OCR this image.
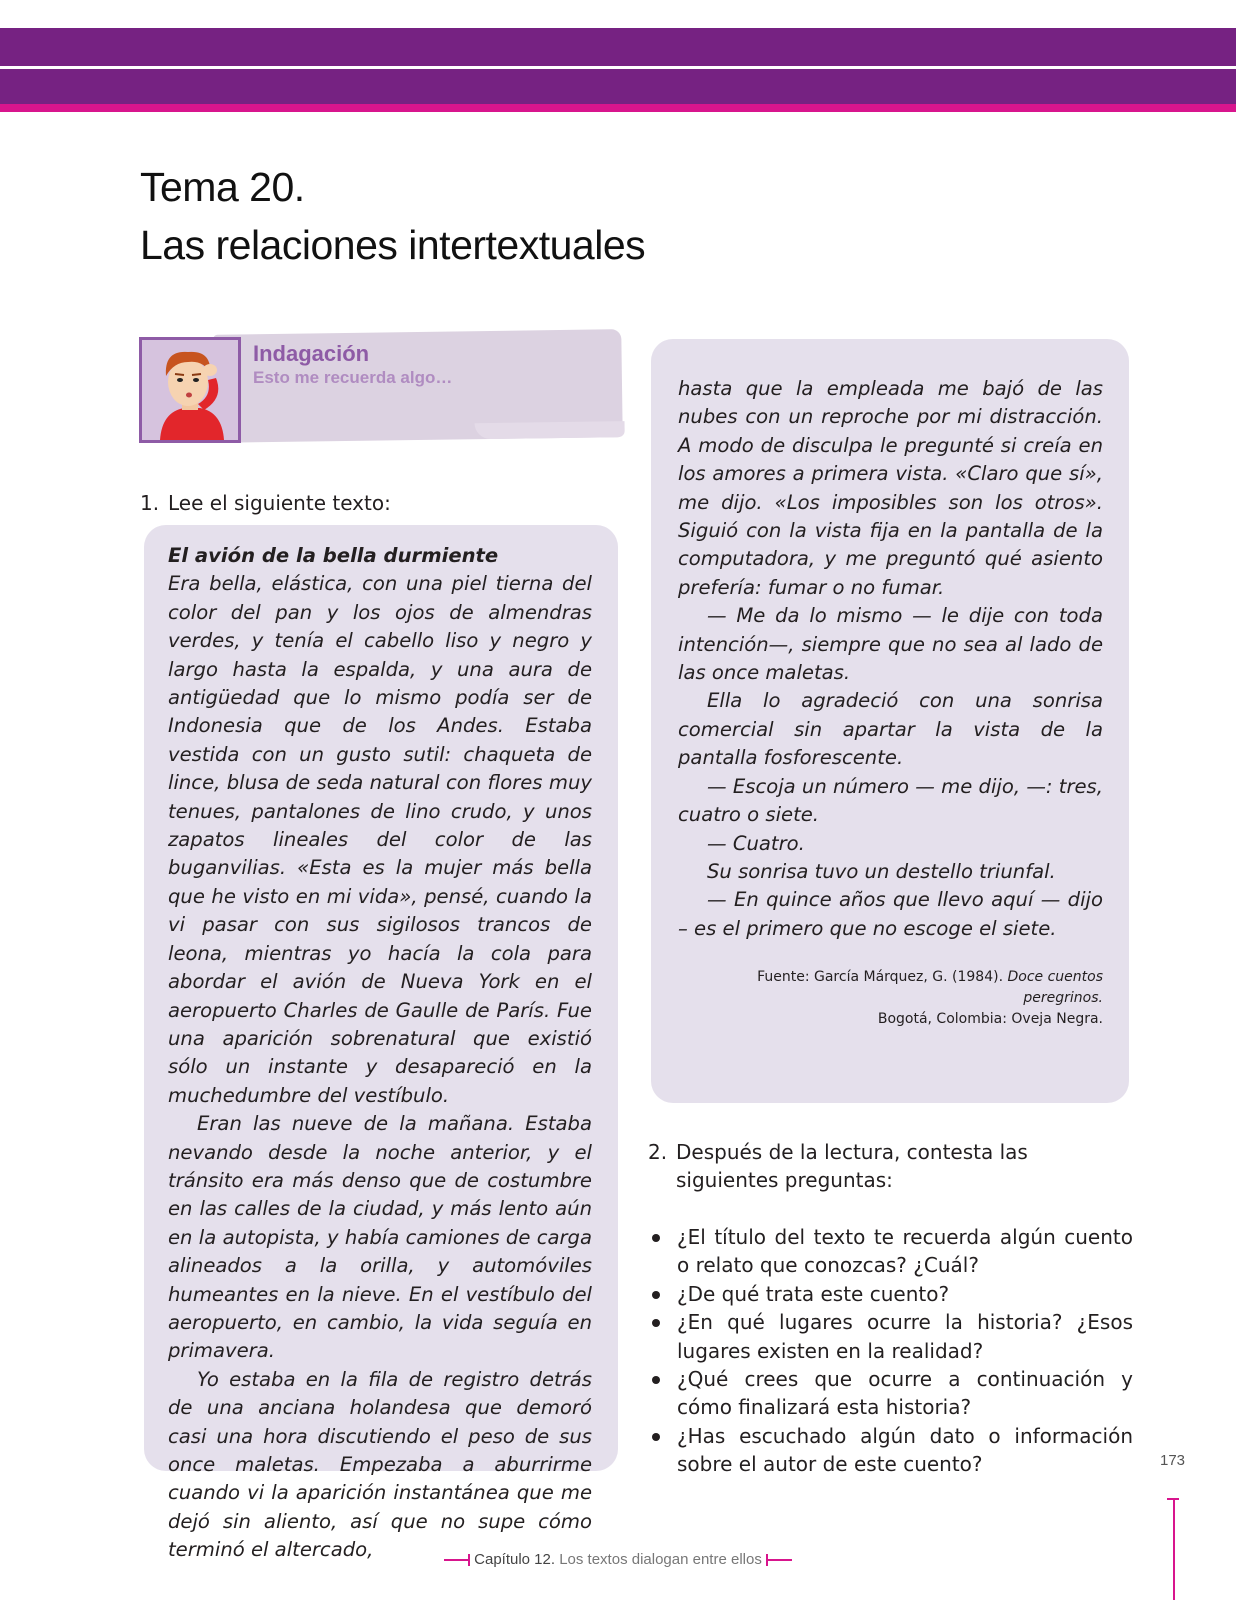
Tema 20.
Las relaciones intertextuales
Indagación
Esto me recuerda algo…
1. Lee el siguiente texto:

El avión de la bella durmiente

Era bella, elástica, con una piel tierna del color del pan y los ojos de almendras verdes, y tenía el cabello liso y negro y largo hasta la espalda, y una aura de antigüedad que lo mismo podía ser de Indonesia que de los Andes. Estaba vestida con un gusto sutil: chaqueta de lince, blusa de seda natural con flores muy tenues, pantalones de lino crudo, y unos zapatos lineales del color de las buganvilias. «Esta es la mujer más bella que he visto en mi vida», pensé, cuando la vi pasar con sus sigilosos trancos de leona, mientras yo hacía la cola para abordar el avión de Nueva York en el aeropuerto Charles de Gaulle de París. Fue una aparición sobrenatural que existió sólo un instante y desapareció en la muchedumbre del vestíbulo.

Eran las nueve de la mañana. Estaba nevando desde la noche anterior, y el tránsito era más denso que de costumbre en las calles de la ciudad, y más lento aún en la autopista, y había camiones de carga alineados a la orilla, y automóviles humeantes en la nieve. En el vestíbulo del aeropuerto, en cambio, la vida seguía en primavera.

Yo estaba en la fila de registro detrás de una anciana holandesa que demoró casi una hora discutiendo el peso de sus once maletas. Empezaba a aburrirme cuando vi la aparición instantánea que me dejó sin aliento, así que no supe cómo terminó el altercado,

hasta que la empleada me bajó de las nubes con un reproche por mi distracción. A modo de disculpa le pregunté si creía en los amores a primera vista. «Claro que sí», me dijo. «Los imposibles son los otros». Siguió con la vista fija en la pantalla de la computadora, y me preguntó qué asiento prefería: fumar o no fumar.

— Me da lo mismo — le dije con toda intención—, siempre que no sea al lado de las once maletas.

Ella lo agradeció con una sonrisa comercial sin apartar la vista de la pantalla fosforescente.

— Escoja un número — me dijo, —: tres, cuatro o siete.

— Cuatro.

Su sonrisa tuvo un destello triunfal.

— En quince años que llevo aquí — dijo – es el primero que no escoge el siete.

Fuente: García Márquez, G. (1984). Doce cuentos peregrinos.
Bogotá, Colombia: Oveja Negra.
2. Después de la lectura, contesta las siguientes preguntas:
¿El título del texto te recuerda algún cuento o relato que conozcas? ¿Cuál?
¿De qué trata este cuento?
¿En qué lugares ocurre la historia? ¿Esos lugares existen en la realidad?
¿Qué crees que ocurre a continuación y cómo finalizará esta historia?
¿Has escuchado algún dato o información sobre el autor de este cuento?	173
Capítulo 12. Los textos dialogan entre ellos
